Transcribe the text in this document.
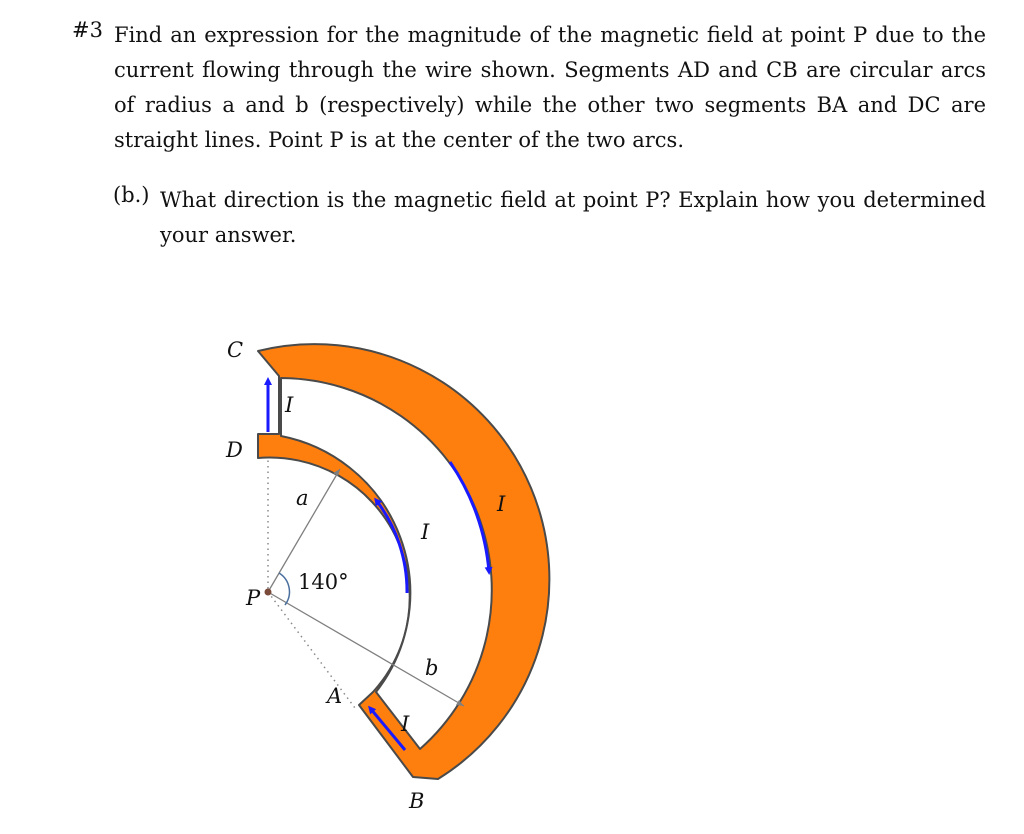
#3 Find an expression for the magnitude of the magnetic field at point P due to the current flowing through the wire shown. Segments AD and CB are circular arcs of radius a and b (respectively) while the other two segments BA and DC are straight lines. Point P is at the center of the two arcs.
(b.) What direction is the magnetic field at point P? Explain how you determined your answer.
C
D
P
A
B
a
b
140°
I
I
I
I
